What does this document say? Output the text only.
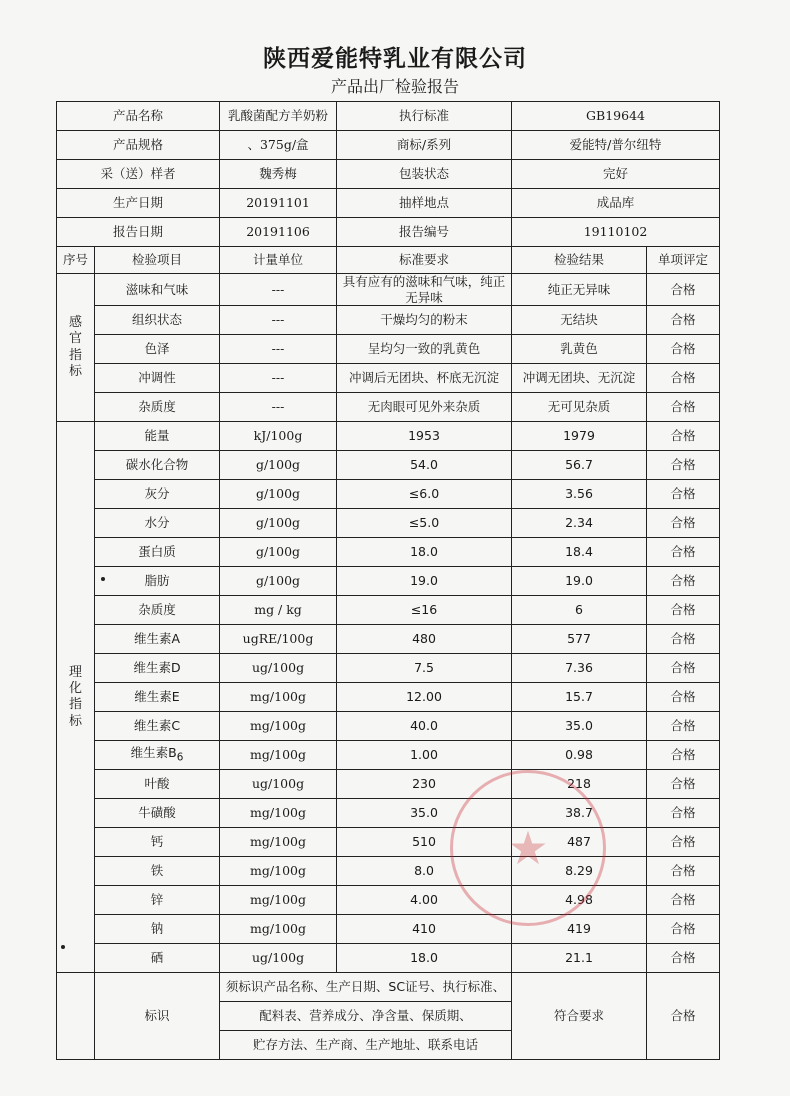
陕西爱能特乳业有限公司
产品出厂检验报告
产品名称		乳酸菌配方羊奶粉	执行标准	GB19644	
产品规格		、375g/盒	商标/系列	爱能特/普尔纽特	
采（送）样者		魏秀梅	包装状态	完好	
生产日期		20191101	抽样地点	成品库	
报告日期		20191106	报告编号	19110102	
序号	检验项目	计量单位	标准要求	检验结果	单项评定

感
官
指
标	滋味和气味	---	具有应有的滋味和气味，纯正无异味	纯正无异味	合格
	组织状态	---	干燥均匀的粉末	无结块	合格
	色泽	---	呈均匀一致的乳黄色	乳黄色	合格
	冲调性	---	冲调后无团块、杯底无沉淀	冲调无团块、无沉淀	合格
	杂质度	---	无肉眼可见外来杂质	无可见杂质	合格

理
化
指
标	能量	kJ/100g	1953	1979	合格
	碳水化合物	g/100g	54.0	56.7	合格
	灰分	g/100g	≤6.0	3.56	合格
	水分	g/100g	≤5.0	2.34	合格
	蛋白质	g/100g	18.0	18.4	合格
	脂肪	g/100g	19.0	19.0	合格
	杂质度	mg / kg	≤16	6	合格
	维生素A	ugRE/100g	480	577	合格
	维生素D	ug/100g	7.5	7.36	合格
	维生素E	mg/100g	12.00	15.7	合格
	维生素C	mg/100g	40.0	35.0	合格
	维生素$B_6$	mg/100g	1.00	0.98	合格
	叶酸	ug/100g	230	218	合格
	牛磺酸	mg/100g	35.0	38.7	合格
	钙	mg/100g	510	487	合格
	铁	mg/100g	8.0	8.29	合格
	锌	mg/100g	4.00	4.98	合格
	钠	mg/100g	410	419	合格
	硒	ug/100g	18.0	21.1	合格
	标识	须标识产品名称、生产日期、SC证号、执行标准、		符合要求	合格
		配料表、营养成分、净含量、保质期、			
		贮存方法、生产商、生产地址、联系电话			
★
